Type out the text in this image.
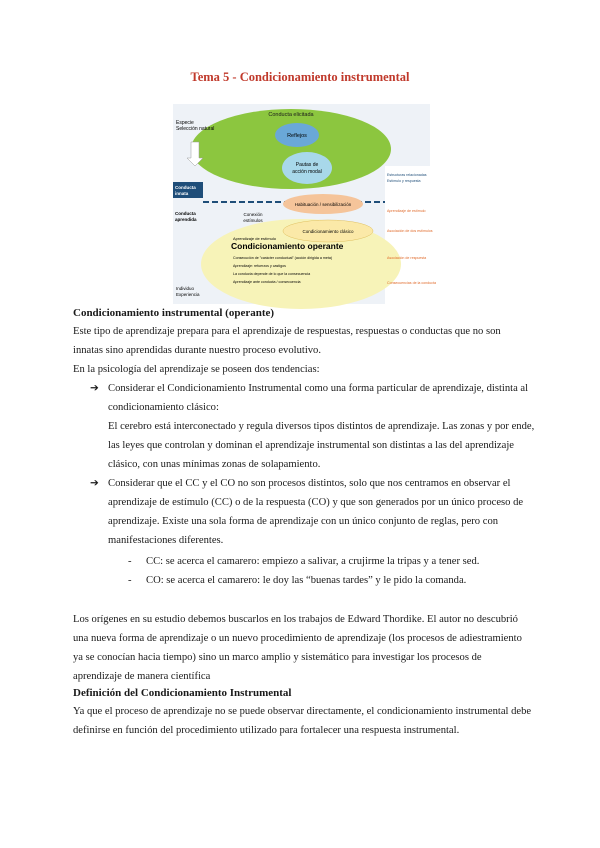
Tema 5 - Condicionamiento instrumental
Conducta elicitada
Reflejos
Pautas de
acción modal
Especie
Selección natural
Conducta
innata
Habituación / sensibilización
Condicionamiento clásico
Conexión
estímulos
Conducta
aprendida
Aprendizaje de estímulo
Condicionamiento operante
Consecución de "carácter conductual" (acción dirigida a meta)
Aprendizaje: refuerzos y castigos
La conducta depende de lo que la consecuencia
Aprendizaje ante conducta / consecuencia
Individuo
Experiencia
Estructuras relacionadas
Estímulo y respuesta
Aprendizaje de estímulo
Asociación de dos estímulos
Asociación de respuesta
Consecuencias de la conducta
Condicionamiento instrumental (operante)
Este tipo de aprendizaje prepara para el aprendizaje de respuestas, respuestas o conductas que no son innatas sino aprendidas durante nuestro proceso evolutivo.
En la psicología del aprendizaje se poseen dos tendencias:
➔ Considerar el Condicionamiento Instrumental como una forma particular de aprendizaje, distinta al condicionamiento clásico:
El cerebro está interconectado y regula diversos tipos distintos de aprendizaje. Las zonas y por ende, las leyes que controlan y dominan el aprendizaje instrumental son distintas a las del aprendizaje clásico, con unas mínimas zonas de solapamiento.
➔ Considerar que el CC y el CO no son procesos distintos, solo que nos centramos en observar el aprendizaje de estímulo (CC) o de la respuesta (CO) y que son generados por un único proceso de aprendizaje. Existe una sola forma de aprendizaje con un único conjunto de reglas, pero con manifestaciones diferentes.
- CC: se acerca el camarero: empiezo a salivar, a crujirme la tripas y a tener sed.
- CO: se acerca el camarero: le doy las “buenas tardes” y le pido la comanda.
Los orígenes en su estudio debemos buscarlos en los trabajos de Edward Thordike. El autor no descubrió una nueva forma de aprendizaje o un nuevo procedimiento de aprendizaje (los procesos de adiestramiento ya se conocían hacia tiempo) sino un marco amplio y sistemático para investigar los procesos de aprendizaje de manera científica
Definición del Condicionamiento Instrumental
Ya que el proceso de aprendizaje no se puede observar directamente, el condicionamiento instrumental debe definirse en función del procedimiento utilizado para fortalecer una respuesta instrumental.
